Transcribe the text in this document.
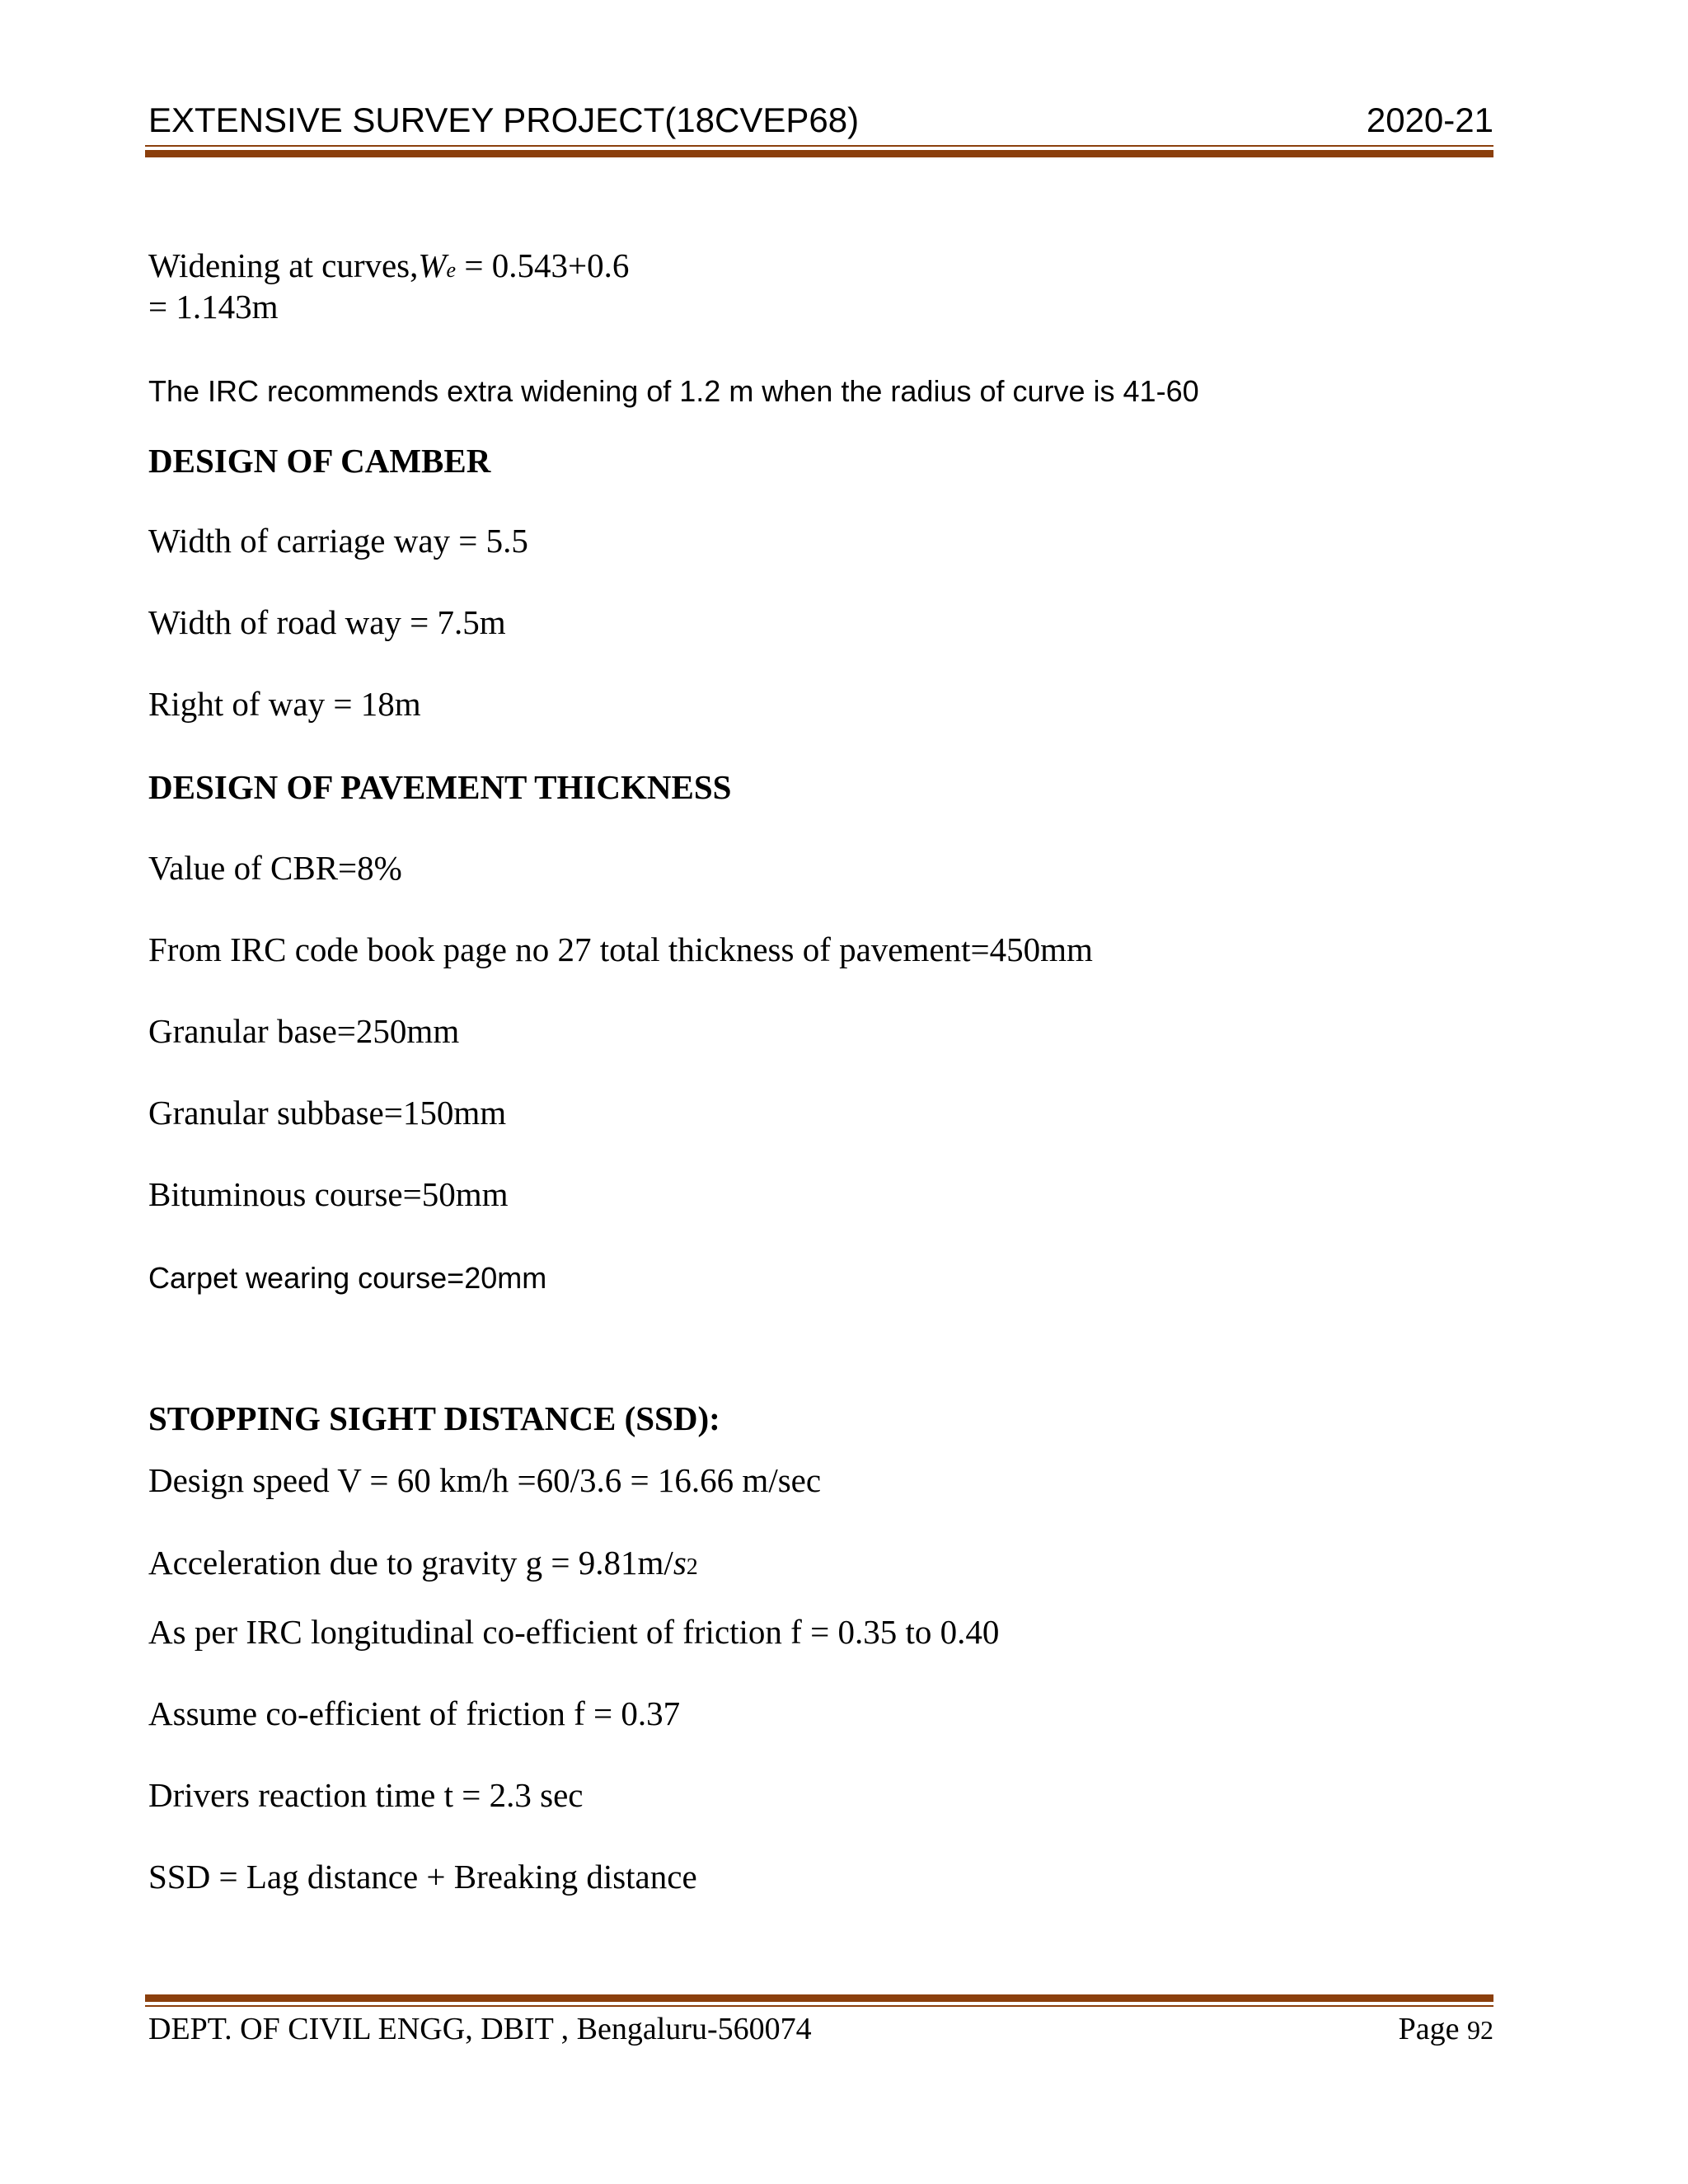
EXTENSIVE SURVEY PROJECT(18CVEP68)	2020-21
Widening at curves,We = 0.543+0.6
= 1.143m
The IRC recommends extra widening of 1.2 m when the radius of curve is 41-60
DESIGN OF CAMBER
Width of carriage way = 5.5
Width of road way = 7.5m
Right of way = 18m
DESIGN OF PAVEMENT THICKNESS
Value of CBR=8%
From IRC code book page no 27 total thickness of pavement=450mm
Granular base=250mm
Granular subbase=150mm
Bituminous course=50mm
Carpet wearing course=20mm
STOPPING SIGHT DISTANCE (SSD):
Design speed V = 60 km/h =60/3.6 = 16.66 m/sec
Acceleration due to gravity g = 9.81m/s2
As per IRC longitudinal co-efficient of friction f = 0.35 to 0.40
Assume co-efficient of friction f = 0.37
Drivers reaction time t = 2.3 sec
SSD = Lag distance + Breaking distance
DEPT. OF CIVIL ENGG, DBIT , Bengaluru-560074	Page 92
